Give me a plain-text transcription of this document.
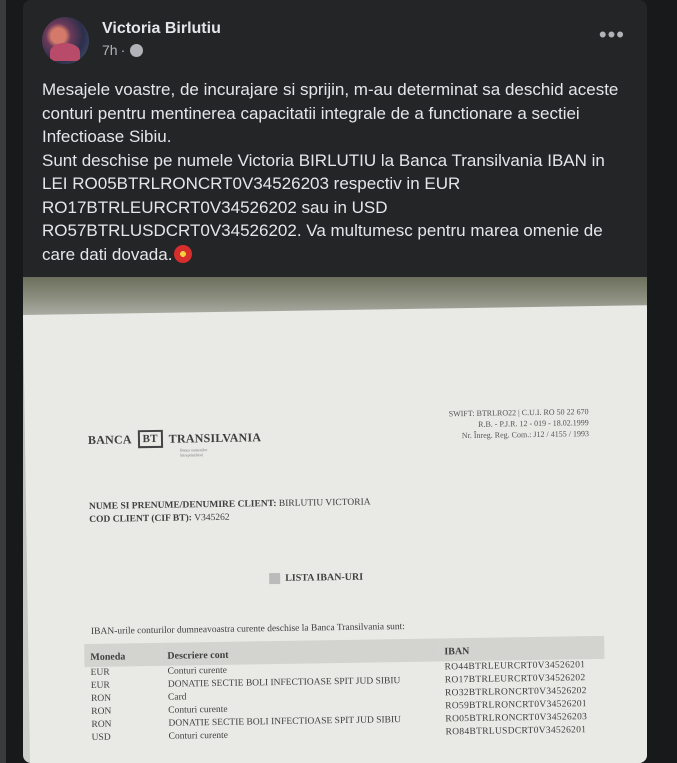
Victoria Birlutiu
7h ·
•••

Mesajele voastre, de incurajare si sprijin, m-au determinat sa deschid aceste conturi pentru mentinerea capacitatii integrale de a functionare a sectiei Infectioase Sibiu.

Sunt deschise pe numele Victoria BIRLUTIU la Banca Transilvania IBAN in LEI RO05BTRLRONCRT0V34526203 respectiv in EUR RO17BTRLEURCRT0V34526202 sau in USD RO57BTRLUSDCRT0V34526202. Va multumesc pentru marea omenie de care dati dovada.

BANCA BT TRANSILVANIA
Banca oamenilor întreprinzători
SWIFT: BTRLRO22 | C.U.I. RO 50 22 670
R.B. - P.J.R. 12 - 019 - 18.02.1999
Nr. Înreg. Reg. Com.: J12 / 4155 / 1993
NUME SI PRENUME/DENUMIRE CLIENT: BIRLUTIU VICTORIA
COD CLIENT (CIF BT): V345262
LISTA IBAN-URI
IBAN-urile conturilor dumneavoastra curente deschise la Banca Transilvania sunt:
Moneda	Descriere cont	IBAN
EUR	Conturi curente	RO44BTRLEURCRT0V34526201
EUR	DONATIE SECTIE BOLI INFECTIOASE SPIT JUD SIBIU	RO17BTRLEURCRT0V34526202
RON	Card	RO32BTRLRONCRT0V34526202
RON	Conturi curente	RO59BTRLRONCRT0V34526201
RON	DONATIE SECTIE BOLI INFECTIOASE SPIT JUD SIBIU	RO05BTRLRONCRT0V34526203
USD	Conturi curente	RO84BTRLUSDCRT0V34526201
